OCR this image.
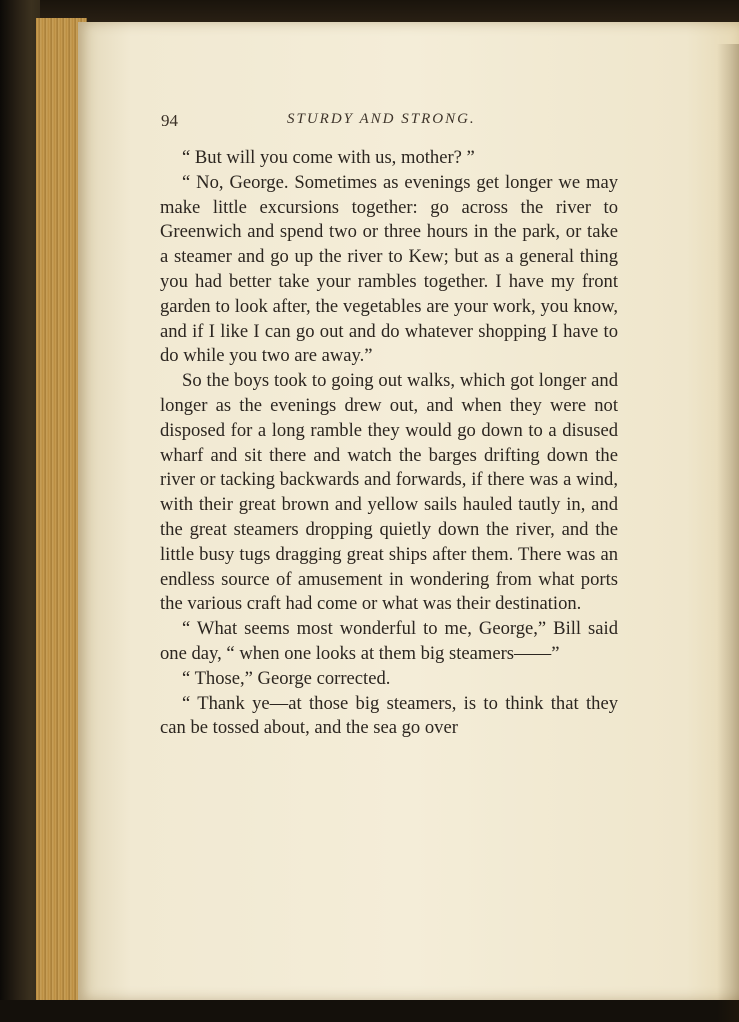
94	STURDY AND STRONG.

“ But will you come with us, mother? ”

“ No, George. Sometimes as evenings get longer we may make little excursions together: go across the river to Greenwich and spend two or three hours in the park, or take a steamer and go up the river to Kew; but as a general thing you had better take your rambles together. I have my front garden to look after, the vegetables are your work, you know, and if I like I can go out and do whatever shopping I have to do while you two are away.”

So the boys took to going out walks, which got longer and longer as the evenings drew out, and when they were not disposed for a long ramble they would go down to a disused wharf and sit there and watch the barges drifting down the river or tacking backwards and forwards, if there was a wind, with their great brown and yellow sails hauled tautly in, and the great steamers dropping quietly down the river, and the little busy tugs dragging great ships after them. There was an endless source of amusement in wondering from what ports the various craft had come or what was their destination.

“ What seems most wonderful to me, George,” Bill said one day, “ when one looks at them big steamers——”

“ Those,” George corrected.

“ Thank ye—at those big steamers, is to think that they can be tossed about, and the sea go over
